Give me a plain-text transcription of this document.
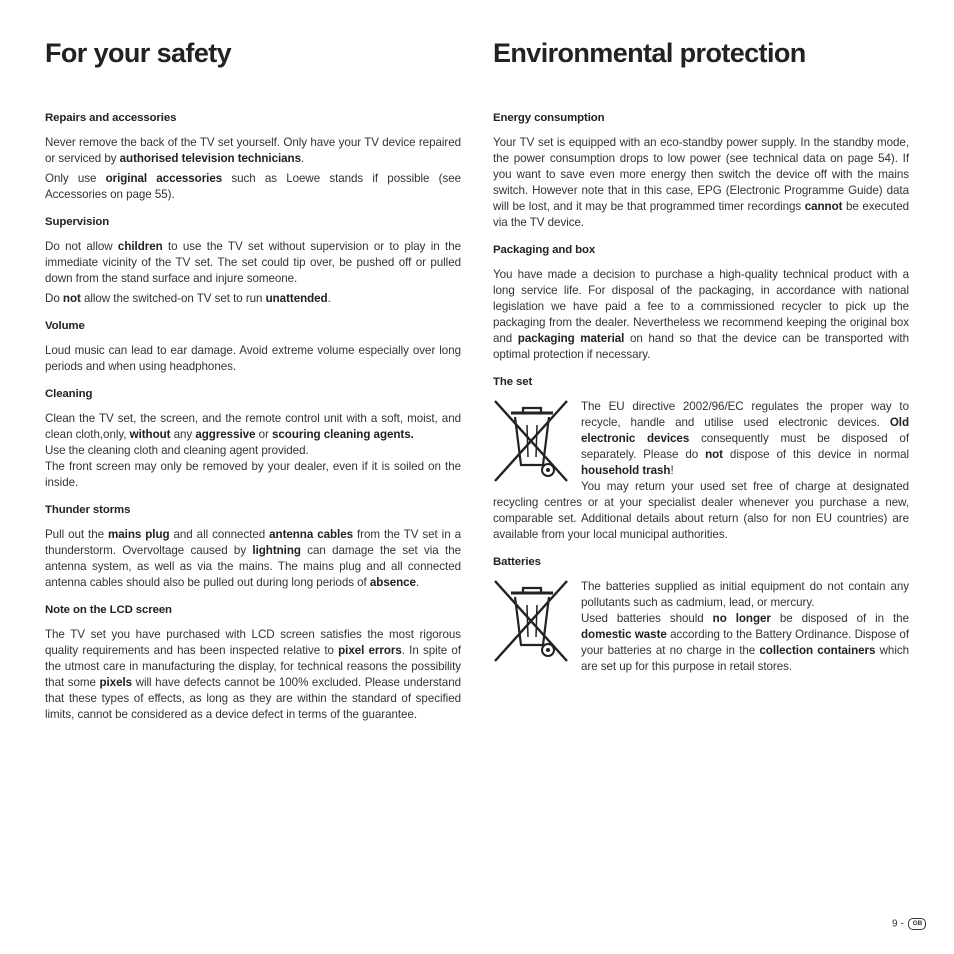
For your safety
Repairs and accessories

Never remove the back of the TV set yourself. Only have your TV device repaired or serviced by authorised television technicians.

Only use original accessories such as Loewe stands if possible (see Accessories on page 55).

Supervision

Do not allow children to use the TV set without supervision or to play in the immediate vicinity of the TV set. The set could tip over, be pushed off or pulled down from the stand surface and injure someone.

Do not allow the switched-on TV set to run unattended.

Volume

Loud music can lead to ear damage. Avoid extreme volume especially over long periods and when using headphones.

Cleaning

Clean the TV set, the screen, and the remote control unit with a soft, moist, and clean cloth,only, without any aggressive or scouring cleaning agents.

Use the cleaning cloth and cleaning agent provided.

The front screen may only be removed by your dealer, even if it is soiled on the inside.

Thunder storms

Pull out the mains plug and all connected antenna cables from the TV set in a thunderstorm. Overvoltage caused by lightning can damage the set via the antenna system, as well as via the mains. The mains plug and all connected antenna cables should also be pulled out during long periods of absence.

Note on the LCD screen

The TV set you have purchased with LCD screen satisfies the most rigorous quality requirements and has been inspected relative to pixel errors. In spite of the utmost care in manufacturing the display, for technical reasons the possibility that some pixels will have defects cannot be 100% excluded. Please understand that these types of effects, as long as they are within the standard of specified limits, cannot be considered as a device defect in terms of the guarantee.

Environmental protection
Energy consumption

Your TV set is equipped with an eco-standby power supply. In the standby mode, the power consumption drops to low power (see technical data on page 54). If you want to save even more energy then switch the device off with the mains switch. However note that in this case, EPG (Electronic Programme Guide) data will be lost, and it may be that programmed timer recordings cannot be executed via the TV device.

Packaging and box

You have made a decision to purchase a high-quality technical product with a long service life. For disposal of the packaging, in accordance with national legislation we have paid a fee to a commissioned recycler to pick up the packaging from the dealer. Nevertheless we recommend keeping the original box and packaging material on hand so that the device can be transported with optimal protection if necessary.

The set

The EU directive 2002/96/EC regulates the proper way to recycle, handle and utilise used electronic devices. Old electronic devices consequently must be disposed of separately. Please do not dispose of this device in normal household trash!

You may return your used set free of charge at designated recycling centres or at your specialist dealer whenever you purchase a new, comparable set. Additional details about return (also for non EU countries) are available from your local municipal authorities.

Batteries

The batteries supplied as initial equipment do not contain any pollutants such as cadmium, lead, or mercury.

Used batteries should no longer be disposed of in the domestic waste according to the Battery Ordinance. Dispose of your batteries at no charge in the collection containers which are set up for this purpose in retail stores.

9 - GB
